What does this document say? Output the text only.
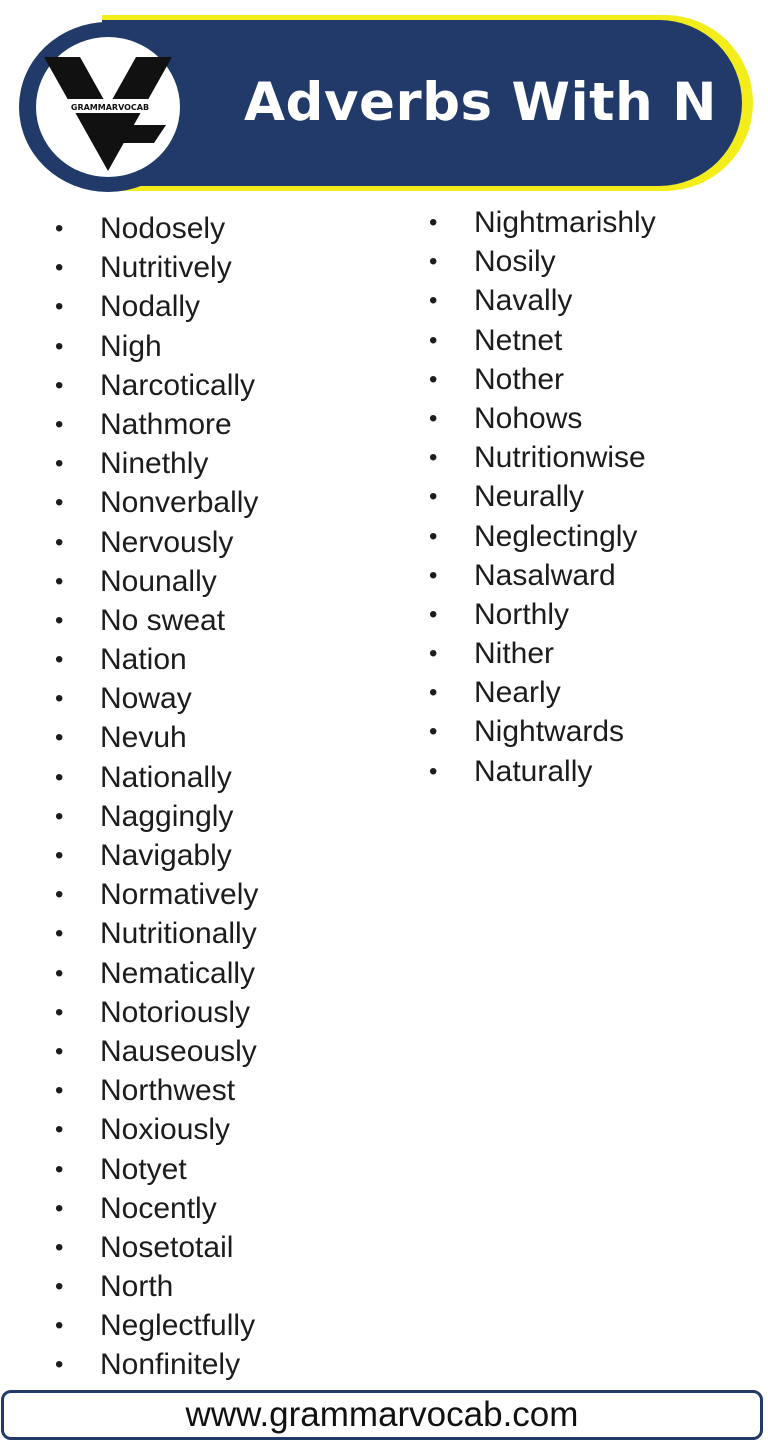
GRAMMARVOCAB Adverbs With N
• Nodosely
• Nutritively
• Nodally
• Nigh
• Narcotically
• Nathmore
• Ninethly
• Nonverbally
• Nervously
• Nounally
• No sweat
• Nation
• Noway
• Nevuh
• Nationally
• Naggingly
• Navigably
• Normatively
• Nutritionally
• Nematically
• Notoriously
• Nauseously
• Northwest
• Noxiously
• Notyet
• Nocently
• Nosetotail
• North
• Neglectfully
• Nonfinitely
• Nightmarishly
• Nosily
• Navally
• Netnet
• Nother
• Nohows
• Nutritionwise
• Neurally
• Neglectingly
• Nasalward
• Northly
• Nither
• Nearly
• Nightwards
• Naturally
www.grammarvocab.com
